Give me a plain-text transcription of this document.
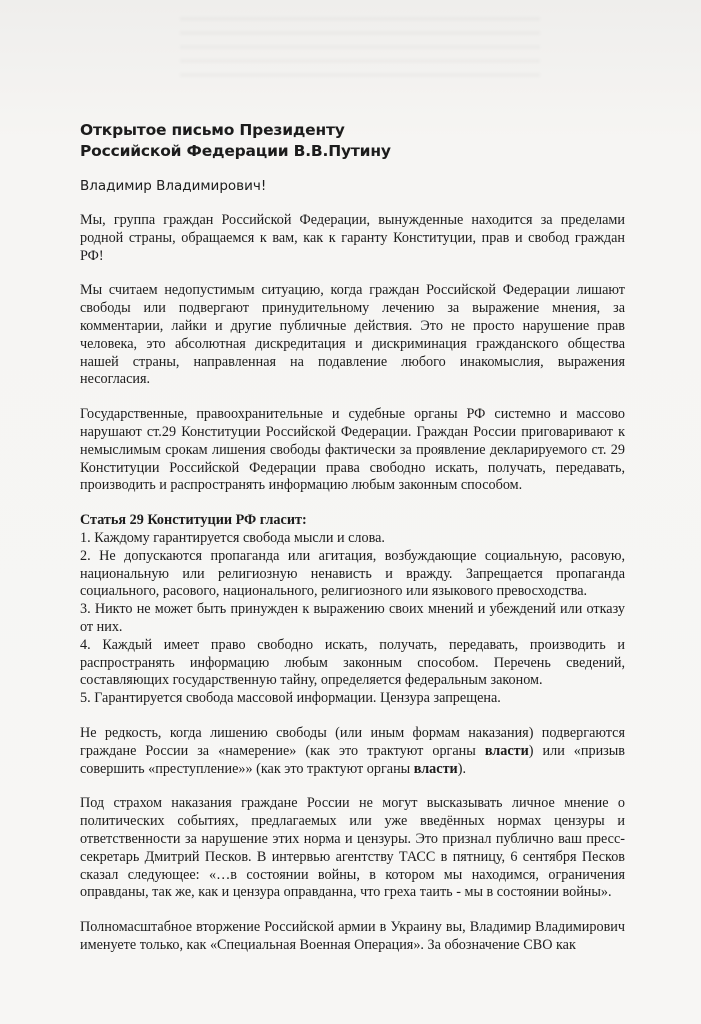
Открытое письмо Президенту
Российской Федерации В.В.Путину
Владимир Владимирович!

Мы, группа граждан Российской Федерации, вынужденные находится за пределами родной страны, обращаемся к вам, как к гаранту Конституции, прав и свобод граждан РФ!

Мы считаем недопустимым ситуацию, когда граждан Российской Федерации лишают свободы или подвергают принудительному лечению за выражение мнения, за комментарии, лайки и другие публичные действия. Это не просто нарушение прав человека, это абсолютная дискредитация и дискриминация гражданского общества нашей страны, направленная на подавление любого инакомыслия, выражения несогласия.

Государственные, правоохранительные и судебные органы РФ системно и массово нарушают ст.29 Конституции Российской Федерации. Граждан России приговаривают к немыслимым срокам лишения свободы фактически за проявление декларируемого ст. 29 Конституции Российской Федерации права свободно искать, получать, передавать, производить и распространять информацию любым законным способом.

Статья 29 Конституции РФ гласит:
1. Каждому гарантируется свобода мысли и слова.
2. Не допускаются пропаганда или агитация, возбуждающие социальную, расовую, национальную или религиозную ненависть и вражду. Запрещается пропаганда социального, расового, национального, религиозного или языкового превосходства.
3. Никто не может быть принужден к выражению своих мнений и убеждений или отказу от них.
4. Каждый имеет право свободно искать, получать, передавать, производить и распространять информацию любым законным способом. Перечень сведений, составляющих государственную тайну, определяется федеральным законом.
5. Гарантируется свобода массовой информации. Цензура запрещена.

Не редкость, когда лишению свободы (или иным формам наказания) подвергаются граждане России за «намерение» (как это трактуют органы власти) или «призыв совершить «преступление»» (как это трактуют органы власти).

Под страхом наказания граждане России не могут высказывать личное мнение о политических событиях, предлагаемых или уже введённых нормах цензуры и ответственности за нарушение этих норма и цензуры. Это признал публично ваш пресс-секретарь Дмитрий Песков. В интервью агентству ТАСС в пятницу, 6 сентября Песков сказал следующее: «…в состоянии войны, в котором мы находимся, ограничения оправданы, так же, как и цензура оправданна, что греха таить - мы в состоянии войны».

Полномасштабное вторжение Российской армии в Украину вы, Владимир Владимирович именуете только, как «Специальная Военная Операция». За обозначение СВО как
